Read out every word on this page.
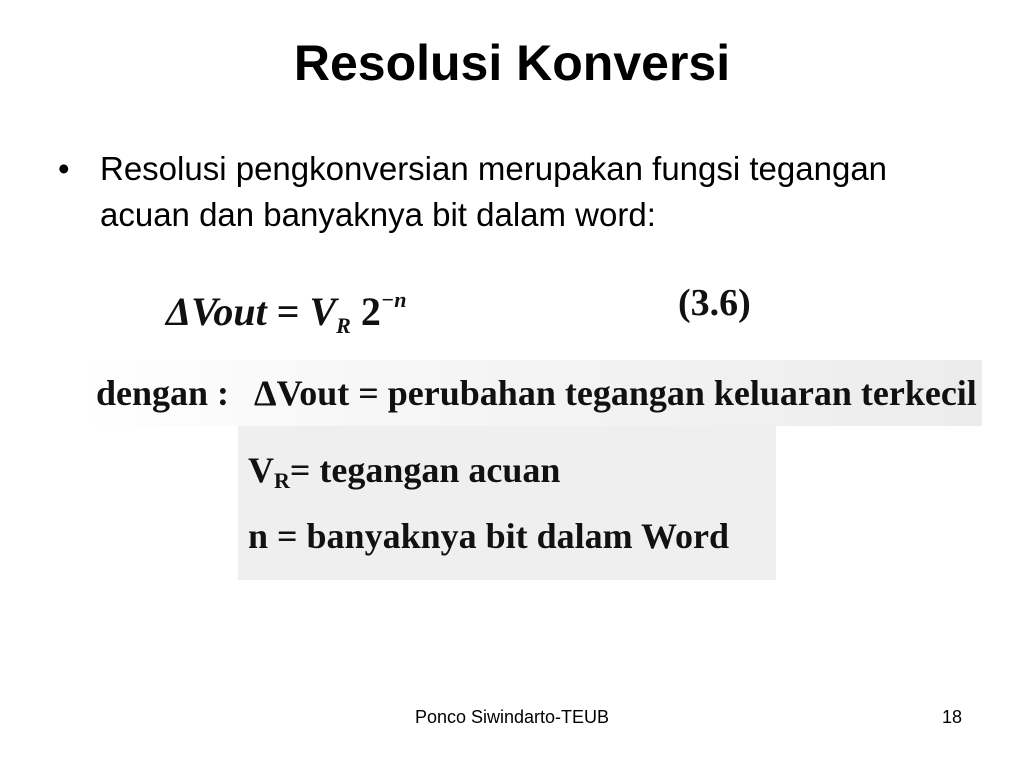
Resolusi Konversi
• Resolusi pengkonversian merupakan fungsi tegangan acuan dan banyaknya bit dalam word:
ΔVout = $V_R$ $2^{-n}$	(3.6)
dengan : ΔVout = perubahan tegangan keluaran terkecil
$V_R=$ tegangan acuan
n = banyaknya bit dalam Word
Ponco Siwindarto-TEUB	18
